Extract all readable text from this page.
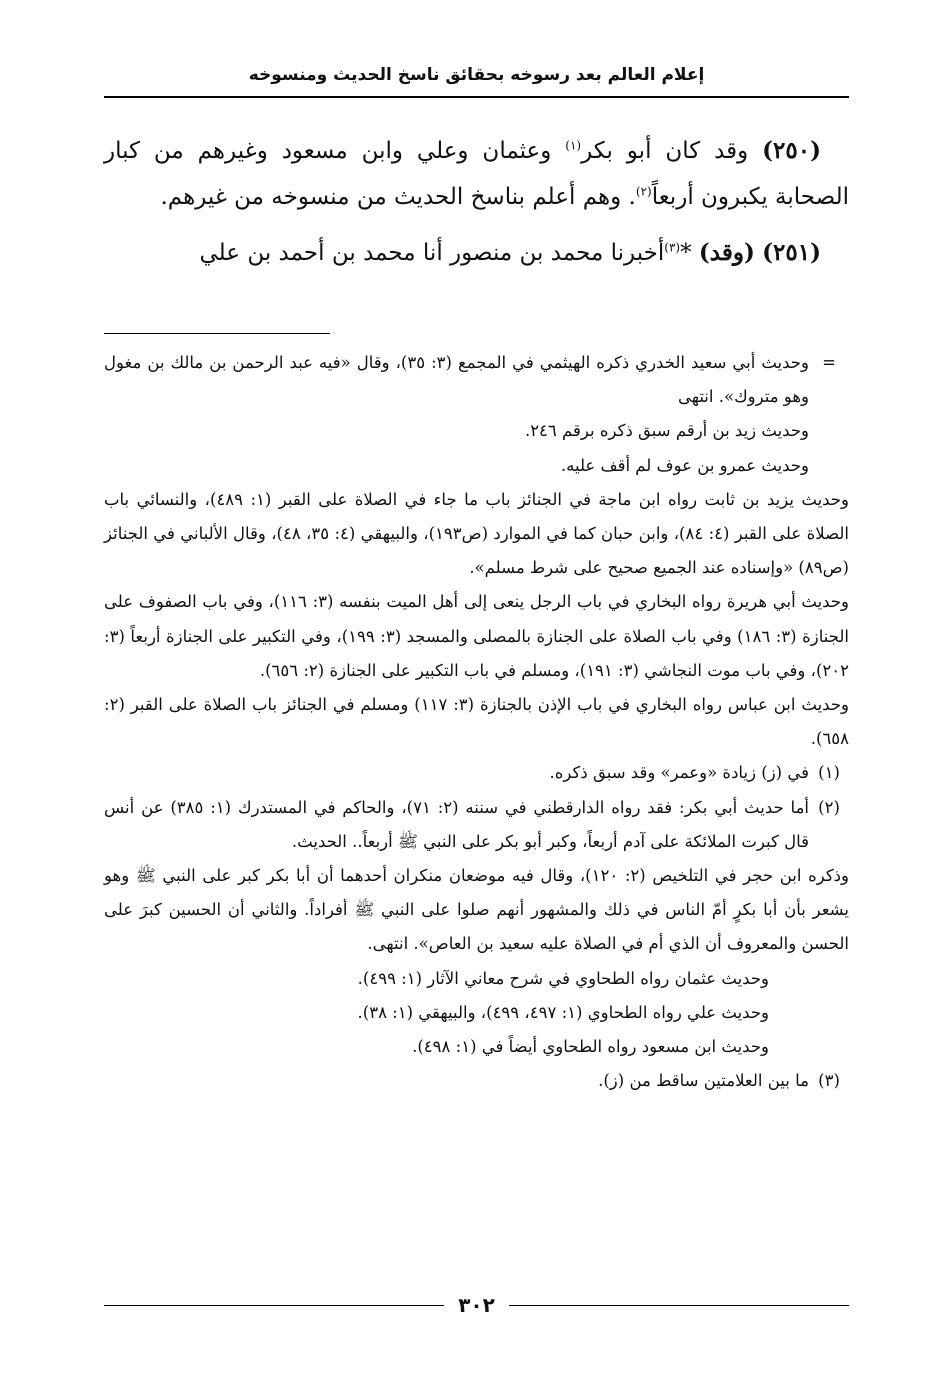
إعلام العالم بعد رسوخه بحقائق ناسخ الحديث ومنسوخه

(٢٥٠) وقد كان أبو بكر$^{(١)}$ وعثمان وعلي وابن مسعود وغيرهم من كبار الصحابة يكبرون أربعاً$^{(٢)}$. وهم أعلم بناسخ الحديث من منسوخه من غيرهم.

(٢٥١) (وقد) *$^{(٣)}$أخبرنا محمد بن منصور أنا محمد بن أحمد بن علي

=

وحديث أبي سعيد الخدري ذكره الهيثمي في المجمع (٣: ٣٥)، وقال «فيه عبد الرحمن بن مالك بن مغول وهو متروك». انتهى

وحديث زيد بن أرقم سبق ذكره برقم ٢٤٦.

وحديث عمرو بن عوف لم أقف عليه.

وحديث يزيد بن ثابت رواه ابن ماجة في الجنائز باب ما جاء في الصلاة على القبر (١: ٤٨٩)، والنسائي باب الصلاة على القبر (٤: ٨٤)، وابن حبان كما في الموارد (ص١٩٣)، والبيهقي (٤: ٣٥، ٤٨)، وقال الألباني في الجنائز (ص٨٩) «وإسناده عند الجميع صحيح على شرط مسلم».

وحديث أبي هريرة رواه البخاري في باب الرجل ينعى إلى أهل الميت بنفسه (٣: ١١٦)، وفي باب الصفوف على الجنازة (٣: ١٨٦) وفي باب الصلاة على الجنازة بالمصلى والمسجد (٣: ١٩٩)، وفي التكبير على الجنازة أربعاً (٣: ٢٠٢)، وفي باب موت النجاشي (٣: ١٩١)، ومسلم في باب التكبير على الجنازة (٢: ٦٥٦).

وحديث ابن عباس رواه البخاري في باب الإذن بالجنازة (٣: ١١٧) ومسلم في الجنائز باب الصلاة على القبر (٢: ٦٥٨).

(١)

في (ز) زيادة «وعمر» وقد سبق ذكره.

(٢)

أما حديث أبي بكر: فقد رواه الدارقطني في سننه (٢: ٧١)، والحاكم في المستدرك (١: ٣٨٥) عن أنس قال كبرت الملائكة على آدم أربعاً، وكبر أبو بكر على النبي ﷺ أربعاً.. الحديث.

وذكره ابن حجر في التلخيص (٢: ١٢٠)، وقال فيه موضعان منكران أحدهما أن أبا بكر كبر على النبي ﷺ وهو يشعر بأن أبا بكرٍ أمّ الناس في ذلك والمشهور أنهم صلوا على النبي ﷺ أفراداً. والثاني أن الحسين كبرَ على الحسن والمعروف أن الذي أم في الصلاة عليه سعيد بن العاص». انتهى.

وحديث عثمان رواه الطحاوي في شرح معاني الآثار (١: ٤٩٩).

وحديث علي رواه الطحاوي (١: ٤٩٧، ٤٩٩)، والبيهقي (١: ٣٨).

وحديث ابن مسعود رواه الطحاوي أيضاً في (١: ٤٩٨).

(٣)

ما بين العلامتين ساقط من (ز).

٣٠٢
